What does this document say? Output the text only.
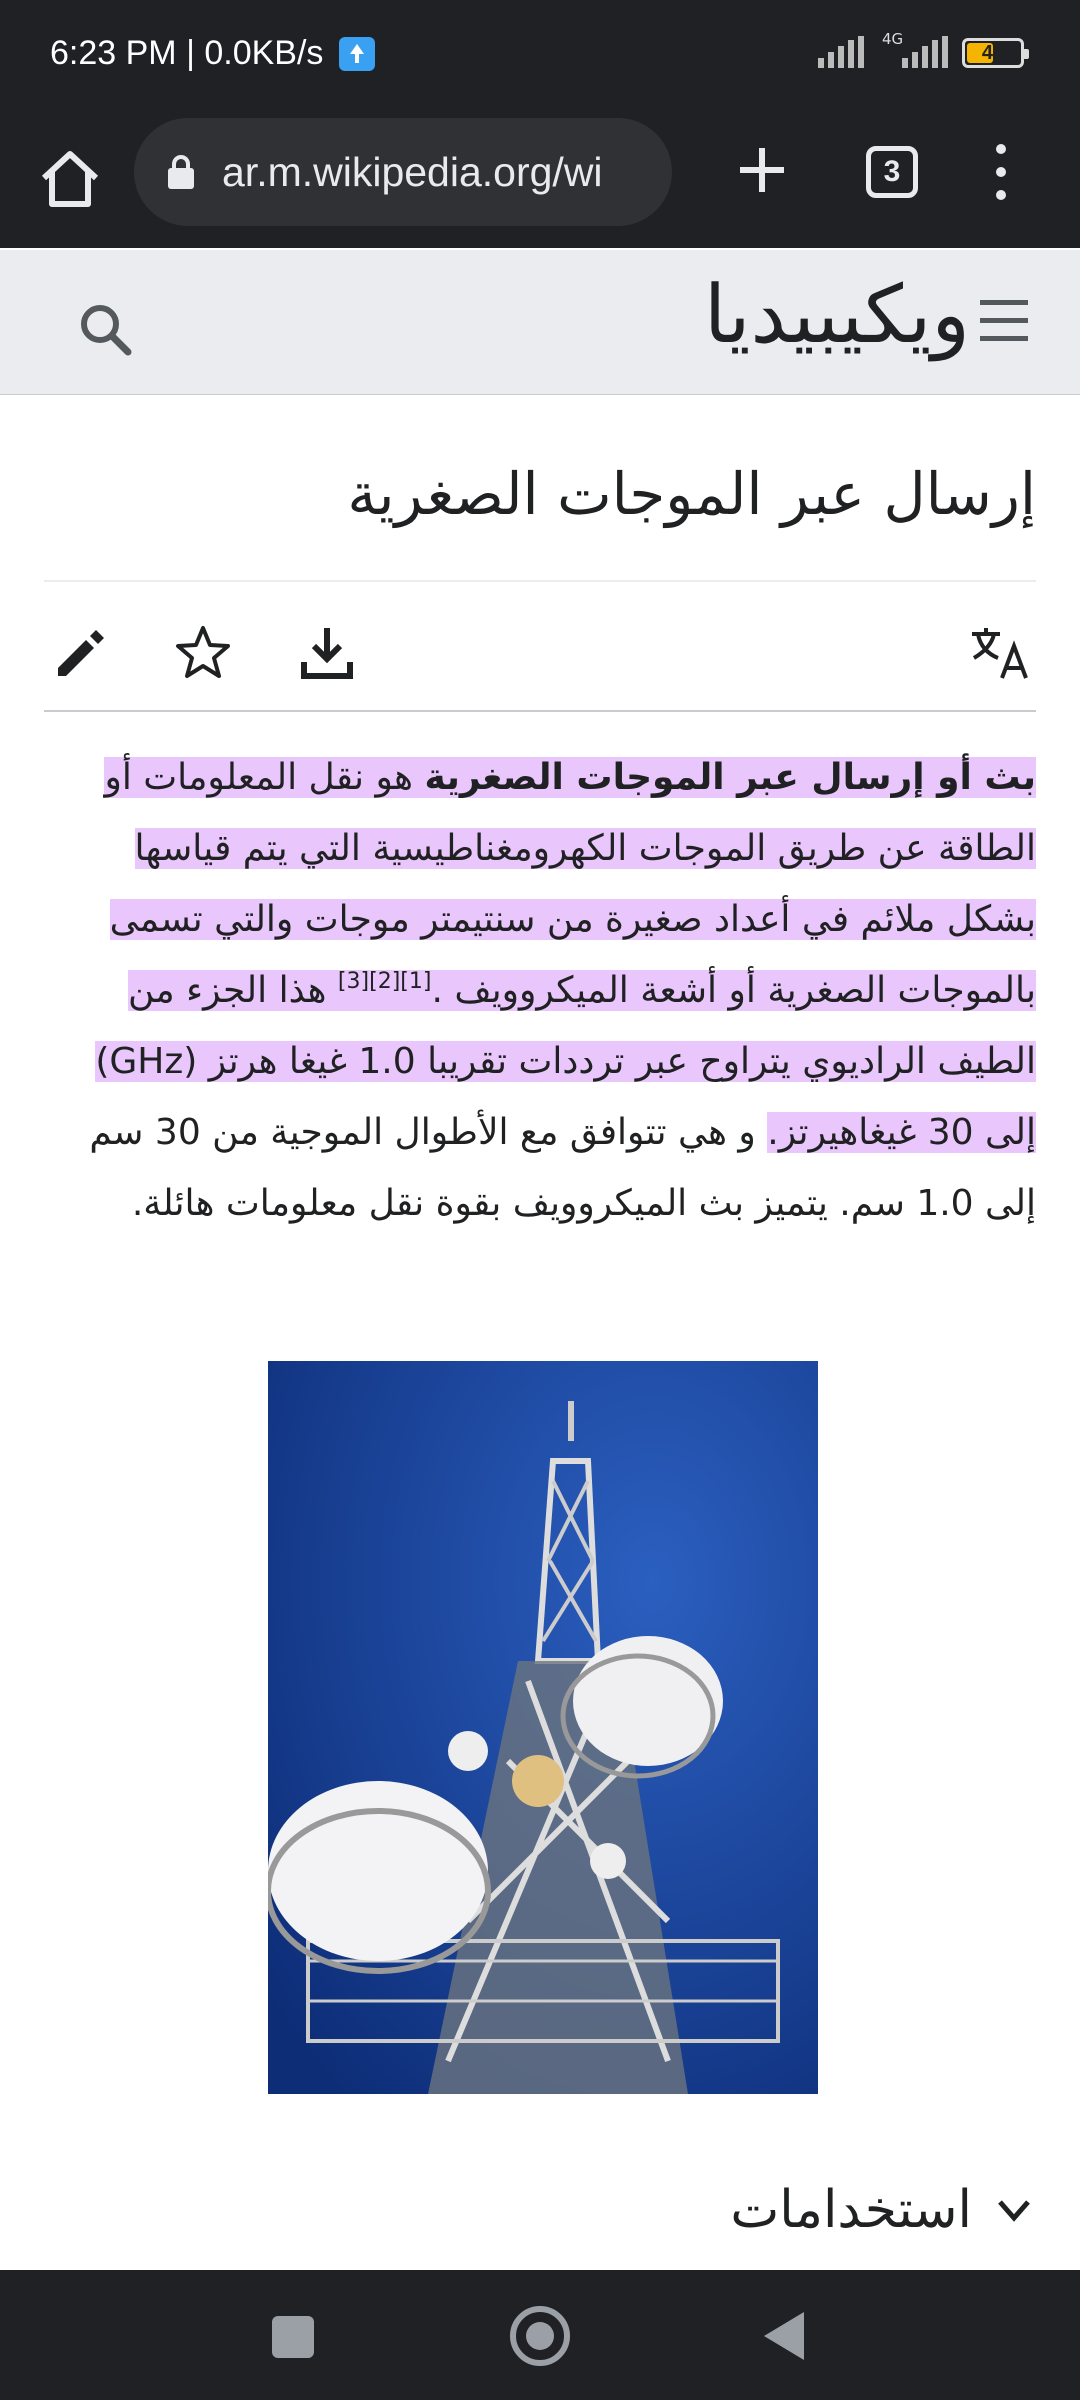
6:23 PM | 0.0KB/s	4G
47
ar.m.wikipedia.org/wi	3
ويكيبيديا
إرسال عبر الموجات الصغرية
بث أو إرسال عبر الموجات الصغرية هو نقل المعلومات أو الطاقة عن طريق الموجات الكهرومغناطيسية التي يتم قياسها بشكل ملائم في أعداد صغيرة من سنتيمتر موجات والتي تسمى بالموجات الصغرية أو أشعة الميكروويف .[1][2][3] هذا الجزء من الطيف الراديوي يتراوح عبر ترددات تقريبا 1.0 غيغا هرتز (GHz) إلى 30 غيغاهيرتز. و هي تتوافق مع الأطوال الموجية من 30 سم إلى 1.0 سم. يتميز بث الميكروويف بقوة نقل معلومات هائلة.
استخدامات
